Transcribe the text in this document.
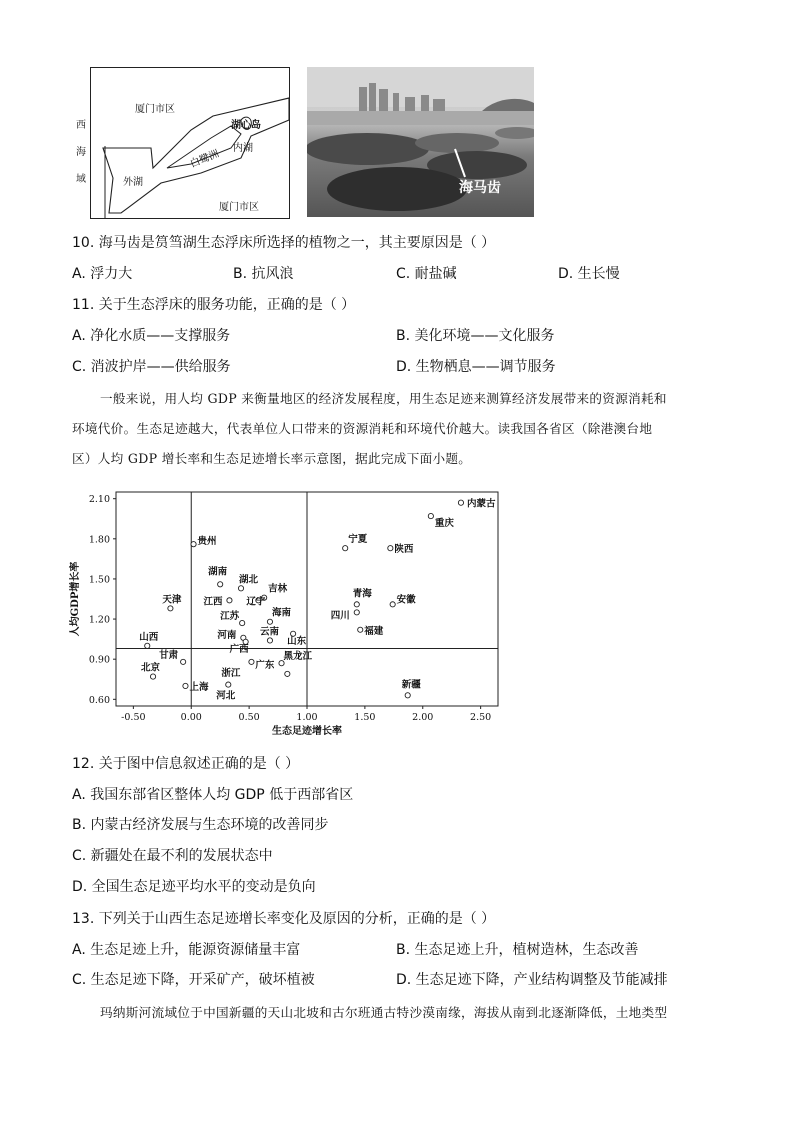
厦门市区
厦门市区
外湖
内湖
白鹭洲
湖心岛
西
海
域
海马齿
10. 海马齿是筼筜湖生态浮床所选择的植物之一，其主要原因是（ ）
A. 浮力大	B. 抗风浪	C. 耐盐碱	D. 生长慢
11. 关于生态浮床的服务功能，正确的是（ ）
A. 净化水质——支撑服务	B. 美化环境——文化服务
C. 消波护岸——供给服务	D. 生物栖息——调节服务
一般来说，用人均 GDP 来衡量地区的经济发展程度，用生态足迹来测算经济发展带来的资源消耗和
环境代价。生态足迹越大，代表单位人口带来的资源消耗和环境代价越大。读我国各省区（除港澳台地
区）人均 GDP 增长率和生态足迹增长率示意图，据此完成下面小题。
-0.50	0.00	0.50	1.00	1.50	2.00	2.50
0.60
0.90
1.20
1.50
1.80
2.10
生态足迹增长率
人均GDP增长率
内蒙古
重庆
宁夏
陕西
贵州
湖南
湖北
江西
吉林
天津	辽宁
海南
江苏
云南
河南
山东
广西
黑龙江
山西
甘肃
北京	浙江
广东
上海
河北
青海
四川
安徽
福建
新疆
12. 关于图中信息叙述正确的是（ ）
A. 我国东部省区整体人均 GDP 低于西部省区
B. 内蒙古经济发展与生态环境的改善同步
C. 新疆处在最不利的发展状态中
D. 全国生态足迹平均水平的变动是负向
13. 下列关于山西生态足迹增长率变化及原因的分析，正确的是（ ）
A. 生态足迹上升，能源资源储量丰富	B. 生态足迹上升，植树造林，生态改善
C. 生态足迹下降，开采矿产，破坏植被	D. 生态足迹下降，产业结构调整及节能减排
玛纳斯河流域位于中国新疆的天山北坡和古尔班通古特沙漠南缘，海拔从南到北逐渐降低，土地类型
